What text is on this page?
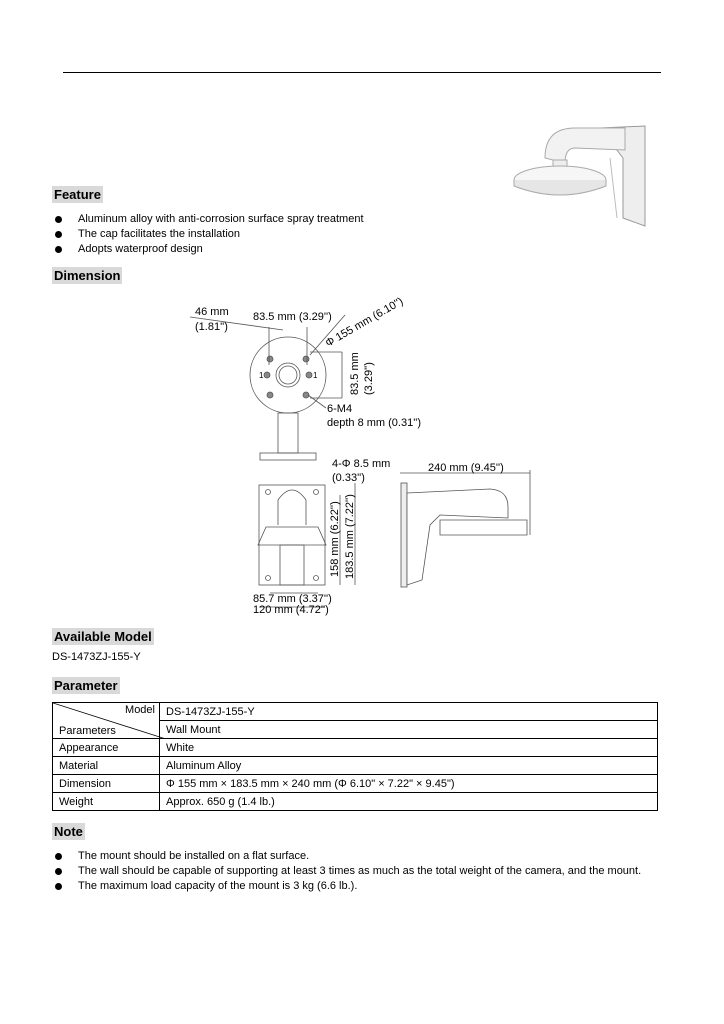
Feature
Aluminum alloy with anti-corrosion surface spray treatment
The cap facilitates the installation
Adopts waterproof design
Dimension
46 mm
(1.81'')
83.5 mm (3.29'')
Φ 155 mm (6.10'')
83.5 mm (3.29'')
6-M4
depth 8 mm (0.31'')
4-Φ 8.5 mm
(0.33'')
240 mm (9.45'')
158 mm (6.22'') 183.5 mm (7.22'')
85.7 mm (3.37'')
120 mm (4.72'')
1	1
Available Model
DS-1473ZJ-155-Y
Parameter
Model
Parameters	DS-1473ZJ-155-Y
	Wall Mount
Appearance	White
Material	Aluminum Alloy
Dimension	Φ 155 mm × 183.5 mm × 240 mm (Φ 6.10" × 7.22" × 9.45")
Weight	Approx. 650 g (1.4 lb.)
Note
The mount should be installed on a flat surface.
The wall should be capable of supporting at least 3 times as much as the total weight of the camera, and the mount.
The maximum load capacity of the mount is 3 kg (6.6 lb.).
